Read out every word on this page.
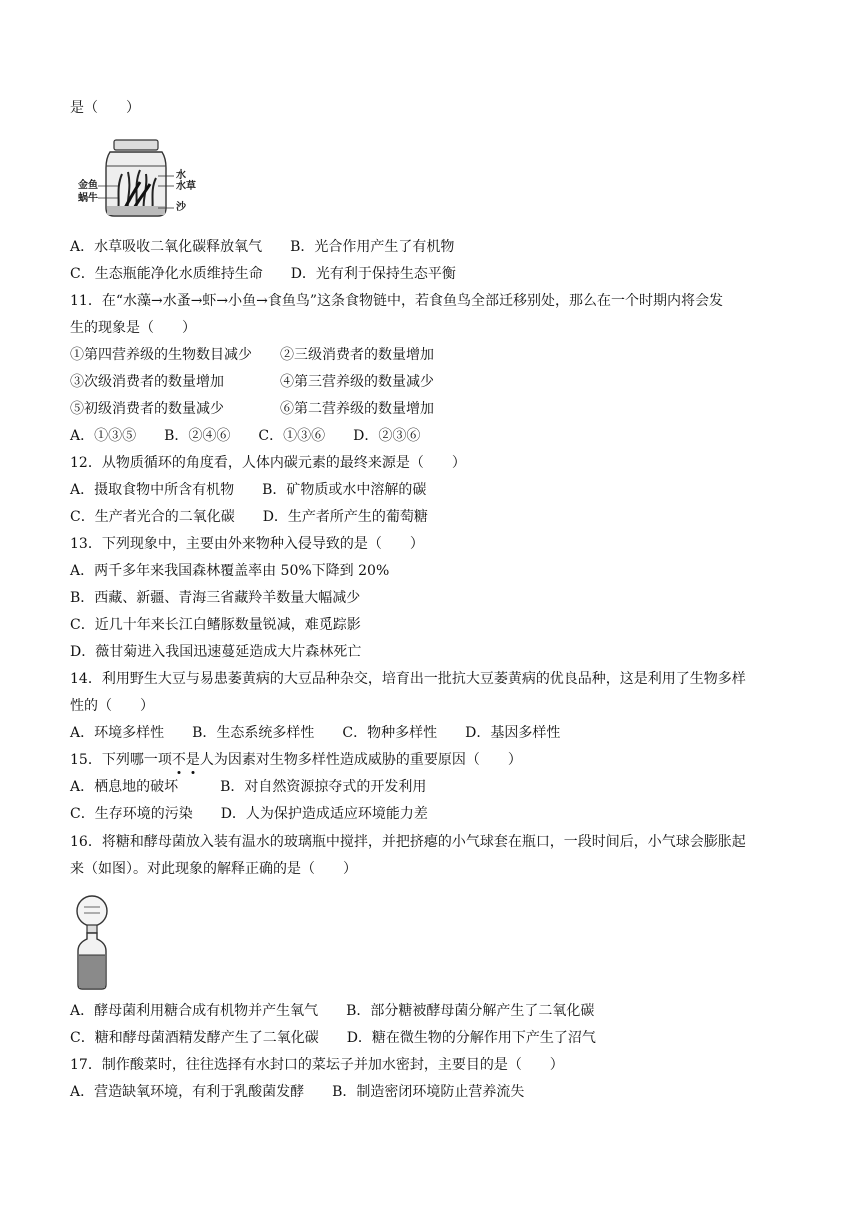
是（　　）
金鱼
蜗牛
水
水草
沙
A．水草吸收二氧化碳释放氧气　　B．光合作用产生了有机物
C．生态瓶能净化水质维持生命　　D．光有利于保持生态平衡
11．在“水藻→水蚤→虾→小鱼→食鱼鸟”这条食物链中，若食鱼鸟全部迁移别处，那么在一个时期内将会发
生的现象是（　　）
①第四营养级的生物数目减少　　②三级消费者的数量增加
③次级消费者的数量增加　　　　④第三营养级的数量减少
⑤初级消费者的数量减少　　　　⑥第二营养级的数量增加
A．①③⑤　　B．②④⑥　　C．①③⑥　　D．②③⑥
12．从物质循环的角度看，人体内碳元素的最终来源是（　　）
A．摄取食物中所含有机物　　B．矿物质或水中溶解的碳
C．生产者光合的二氧化碳　　D．生产者所产生的葡萄糖
13．下列现象中，主要由外来物种入侵导致的是（　　）
A．两千多年来我国森林覆盖率由 50%下降到 20%
B．西藏、新疆、青海三省藏羚羊数量大幅减少
C．近几十年来长江白鳍豚数量锐减，难觅踪影
D．薇甘菊进入我国迅速蔓延造成大片森林死亡
14．利用野生大豆与易患萎黄病的大豆品种杂交，培育出一批抗大豆萎黄病的优良品种，这是利用了生物多样
性的（　　）
A．环境多样性　　B．生态系统多样性　　C．物种多样性　　D．基因多样性
15．下列哪一项不是人为因素对生物多样性造成威胁的重要原因（　　）
A．栖息地的破坏　　　B．对自然资源掠夺式的开发利用
C．生存环境的污染　　D．人为保护造成适应环境能力差
16．将糖和酵母菌放入装有温水的玻璃瓶中搅拌，并把挤瘪的小气球套在瓶口，一段时间后，小气球会膨胀起
来（如图）。对此现象的解释正确的是（　　）
A．酵母菌利用糖合成有机物并产生氧气　　B．部分糖被酵母菌分解产生了二氧化碳
C．糖和酵母菌酒精发酵产生了二氧化碳　　D．糖在微生物的分解作用下产生了沼气
17．制作酸菜时，往往选择有水封口的菜坛子并加水密封，主要目的是（　　）
A．营造缺氧环境，有利于乳酸菌发酵　　B．制造密闭环境防止营养流失
